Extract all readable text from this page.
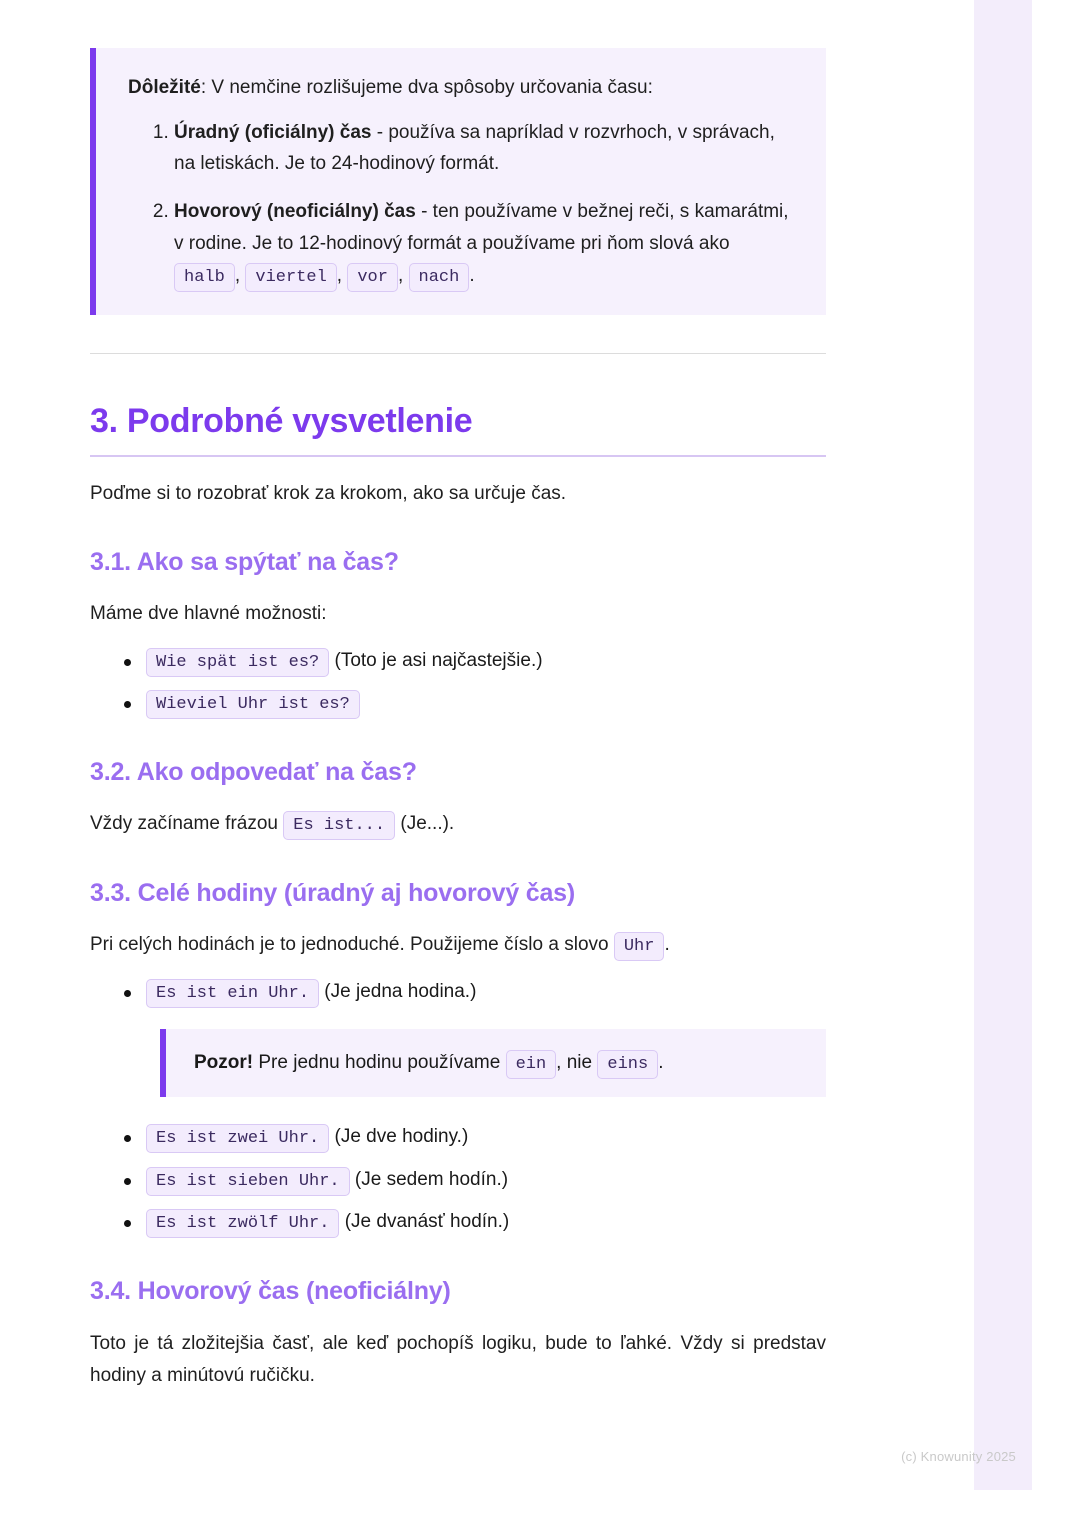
Dôležité: V nemčine rozlišujeme dva spôsoby určovania času:

1. Úradný (oficiálny) čas - používa sa napríklad v rozvrhoch, v správach, na letiskách. Je to 24-hodinový formát.
2. Hovorový (neoficiálny) čas - ten používame v bežnej reči, s kamarátmi, v rodine. Je to 12-hodinový formát a používame pri ňom slová ako halb , viertel , vor , nach .
3. Podrobné vysvetlenie

Poďme si to rozobrať krok za krokom, ako sa určuje čas.

3.1. Ako sa spýtať na čas?

Máme dve hlavné možnosti:

Wie spät ist es? (Toto je asi najčastejšie.)
Wieviel Uhr ist es?
3.2. Ako odpovedať na čas?

Vždy začíname frázou Es ist... (Je...).

3.3. Celé hodiny (úradný aj hovorový čas)

Pri celých hodinách je to jednoduché. Použijeme číslo a slovo Uhr .

Es ist ein Uhr. (Je jedna hodina.)

Pozor! Pre jednu hodinu používame ein , nie eins .

Es ist zwei Uhr. (Je dve hodiny.)
Es ist sieben Uhr. (Je sedem hodín.)
Es ist zwölf Uhr. (Je dvanásť hodín.)
3.4. Hovorový čas (neoficiálny)

Toto je tá zložitejšia časť, ale keď pochopíš logiku, bude to ľahké. Vždy si predstav hodiny a minútovú ručičku.

(c) Knowunity 2025
